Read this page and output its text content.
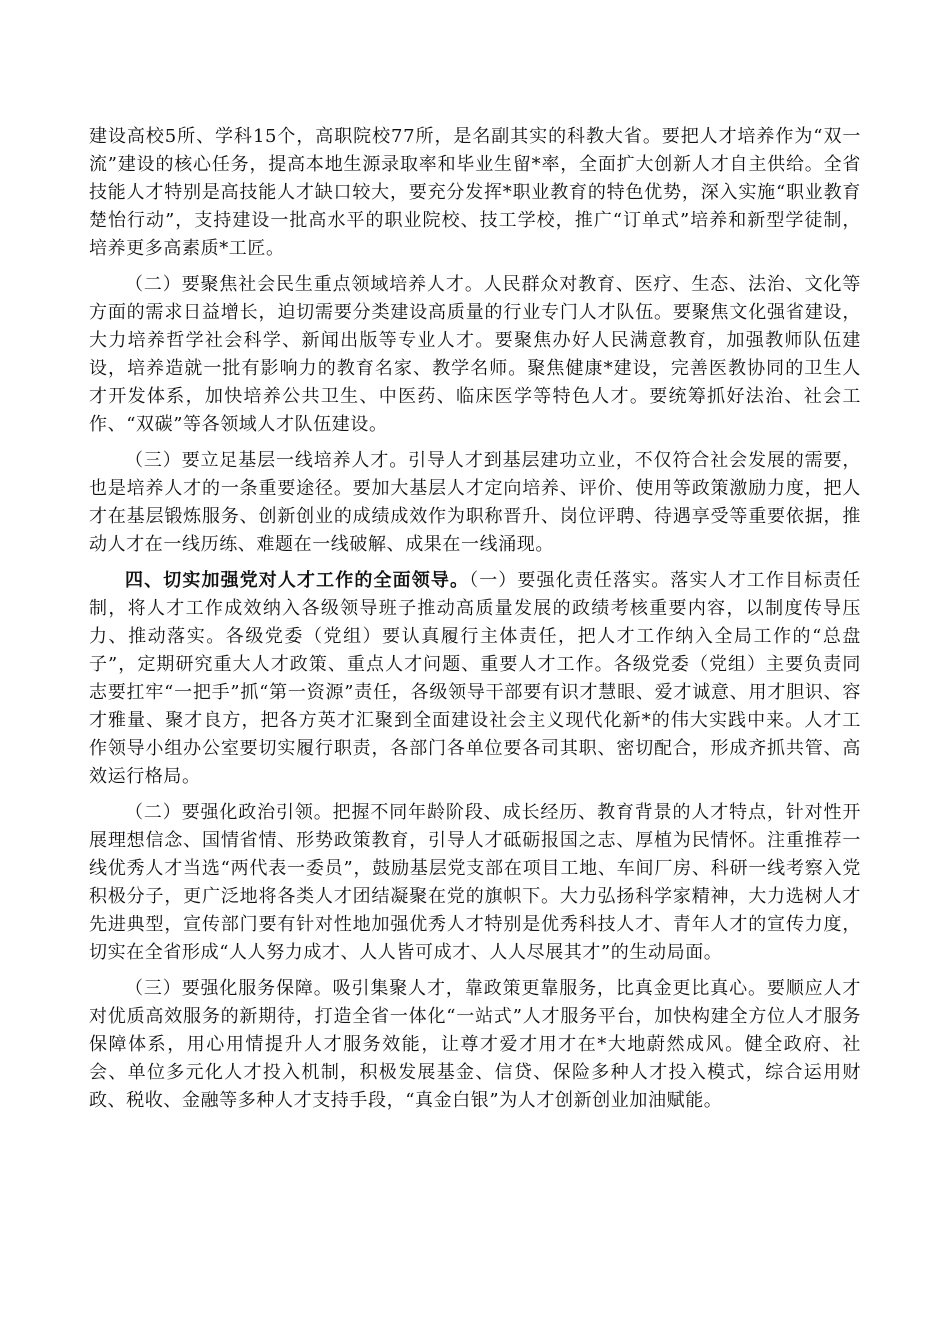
建设高校5所、学科15个，高职院校77所，是名副其实的科教大省。要把人才培养作为“双一流”建设的核心任务，提高本地生源录取率和毕业生留*率，全面扩大创新人才自主供给。全省技能人才特别是高技能人才缺口较大，要充分发挥*职业教育的特色优势，深入实施“职业教育楚怡行动”，支持建设一批高水平的职业院校、技工学校，推广“订单式”培养和新型学徒制，培养更多高素质*工匠。

（二）要聚焦社会民生重点领域培养人才。人民群众对教育、医疗、生态、法治、文化等方面的需求日益增长，迫切需要分类建设高质量的行业专门人才队伍。要聚焦文化强省建设，大力培养哲学社会科学、新闻出版等专业人才。要聚焦办好人民满意教育，加强教师队伍建设，培养造就一批有影响力的教育名家、教学名师。聚焦健康*建设，完善医教协同的卫生人才开发体系，加快培养公共卫生、中医药、临床医学等特色人才。要统筹抓好法治、社会工作、“双碳”等各领域人才队伍建设。

（三）要立足基层一线培养人才。引导人才到基层建功立业，不仅符合社会发展的需要，也是培养人才的一条重要途径。要加大基层人才定向培养、评价、使用等政策激励力度，把人才在基层锻炼服务、创新创业的成绩成效作为职称晋升、岗位评聘、待遇享受等重要依据，推动人才在一线历练、难题在一线破解、成果在一线涌现。

四、切实加强党对人才工作的全面领导。（一）要强化责任落实。落实人才工作目标责任制，将人才工作成效纳入各级领导班子推动高质量发展的政绩考核重要内容，以制度传导压力、推动落实。各级党委（党组）要认真履行主体责任，把人才工作纳入全局工作的“总盘子”，定期研究重大人才政策、重点人才问题、重要人才工作。各级党委（党组）主要负责同志要扛牢“一把手”抓“第一资源”责任，各级领导干部要有识才慧眼、爱才诚意、用才胆识、容才雅量、聚才良方，把各方英才汇聚到全面建设社会主义现代化新*的伟大实践中来。人才工作领导小组办公室要切实履行职责，各部门各单位要各司其职、密切配合，形成齐抓共管、高效运行格局。

（二）要强化政治引领。把握不同年龄阶段、成长经历、教育背景的人才特点，针对性开展理想信念、国情省情、形势政策教育，引导人才砥砺报国之志、厚植为民情怀。注重推荐一线优秀人才当选“两代表一委员”，鼓励基层党支部在项目工地、车间厂房、科研一线考察入党积极分子，更广泛地将各类人才团结凝聚在党的旗帜下。大力弘扬科学家精神，大力选树人才先进典型，宣传部门要有针对性地加强优秀人才特别是优秀科技人才、青年人才的宣传力度，切实在全省形成“人人努力成才、人人皆可成才、人人尽展其才”的生动局面。

（三）要强化服务保障。吸引集聚人才，靠政策更靠服务，比真金更比真心。要顺应人才对优质高效服务的新期待，打造全省一体化“一站式”人才服务平台，加快构建全方位人才服务保障体系，用心用情提升人才服务效能，让尊才爱才用才在*大地蔚然成风。健全政府、社会、单位多元化人才投入机制，积极发展基金、信贷、保险多种人才投入模式，综合运用财政、税收、金融等多种人才支持手段，“真金白银”为人才创新创业加油赋能。
